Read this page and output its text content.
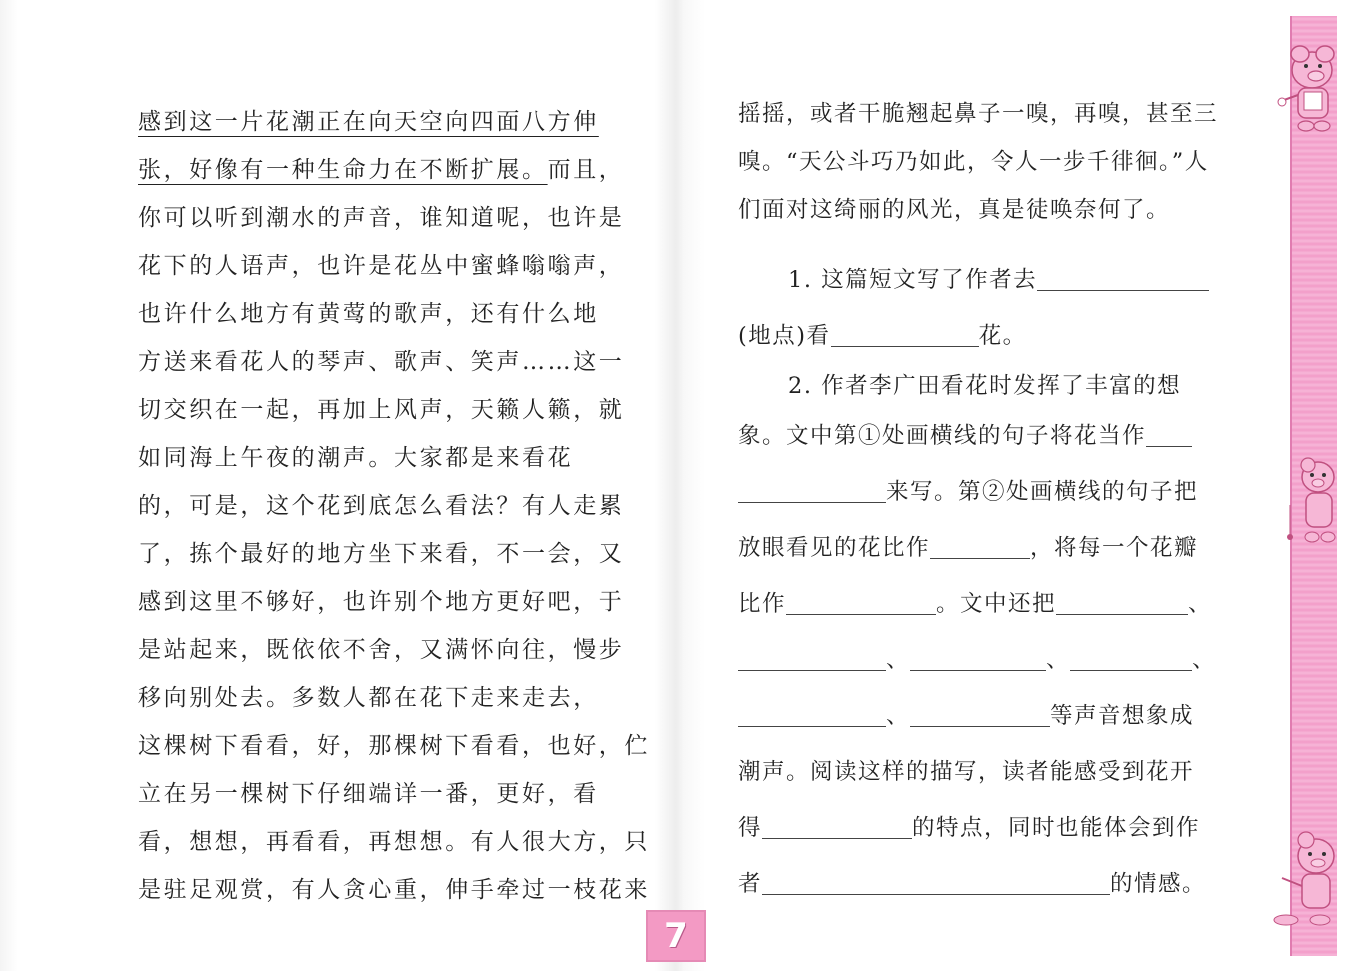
感到这一片花潮正在向天空向四面八方伸
张，好像有一种生命力在不断扩展。而且，
你可以听到潮水的声音，谁知道呢，也许是
花下的人语声，也许是花丛中蜜蜂嗡嗡声，
也许什么地方有黄莺的歌声，还有什么地
方送来看花人的琴声、歌声、笑声……这一
切交织在一起，再加上风声，天籁人籁，就
如同海上午夜的潮声。大家都是来看花
的，可是，这个花到底怎么看法？有人走累
了，拣个最好的地方坐下来看，不一会，又
感到这里不够好，也许别个地方更好吧，于
是站起来，既依依不舍，又满怀向往，慢步
移向别处去。多数人都在花下走来走去，
这棵树下看看，好，那棵树下看看，也好，伫
立在另一棵树下仔细端详一番，更好，看
看，想想，再看看，再想想。有人很大方，只
是驻足观赏，有人贪心重，伸手牵过一枝花来
摇摇，或者干脆翘起鼻子一嗅，再嗅，甚至三
嗅。“天公斗巧乃如此，令人一步千徘徊。”人
们面对这绮丽的风光，真是徒唤奈何了。
1. 这篇短文写了作者去
(地点)看	花。
2. 作者李广田看花时发挥了丰富的想
象。文中第①处画横线的句子将花当作
来写。第②处画横线的句子把
放眼看见的花比作	，将每一个花瓣
比作	。文中还把	、
、	、	、
、	等声音想象成
潮声。阅读这样的描写，读者能感受到花开
得	的特点，同时也能体会到作
者	的情感。
7
